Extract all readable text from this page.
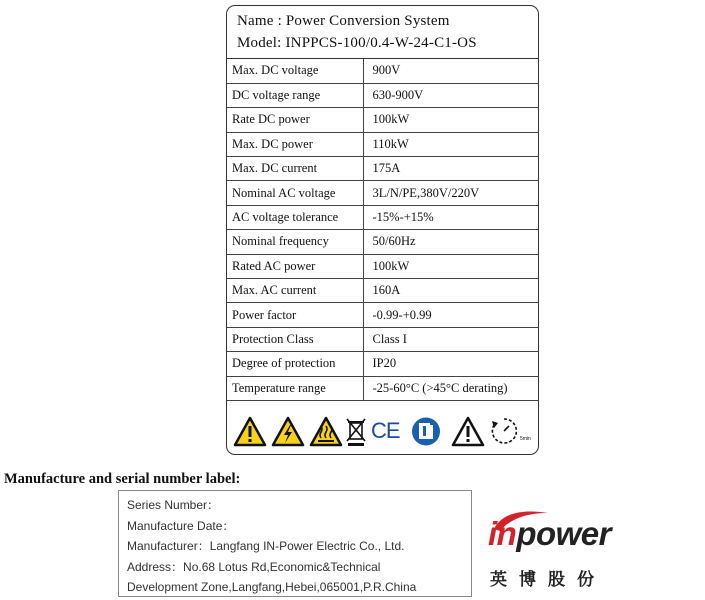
Name : Power Conversion System
Model: INPPCS-100/0.4-W-24-C1-OS
Max. DC voltage	900V
DC voltage range	630-900V
Rate DC power	100kW
Max. DC power	110kW
Max. DC current	175A
Nominal AC voltage	3L/N/PE,380V/220V
AC voltage tolerance	-15%-+15%
Nominal frequency	50/60Hz
Rated AC power	100kW
Max. AC current	160A
Power factor	-0.99-+0.99
Protection Class	Class I
Degree of protection	IP20
Temperature range	-25-60°C (>45°C derating)
CE	5min
Manufacture and serial number label:
Series Number：
Manufacture Date：
Manufacturer：Langfang IN-Power Electric Co., Ltd.
Address：No.68 Lotus Rd,Economic&Technical
Development Zone,Langfang,Hebei,065001,P.R.China
inpower
英博股份
